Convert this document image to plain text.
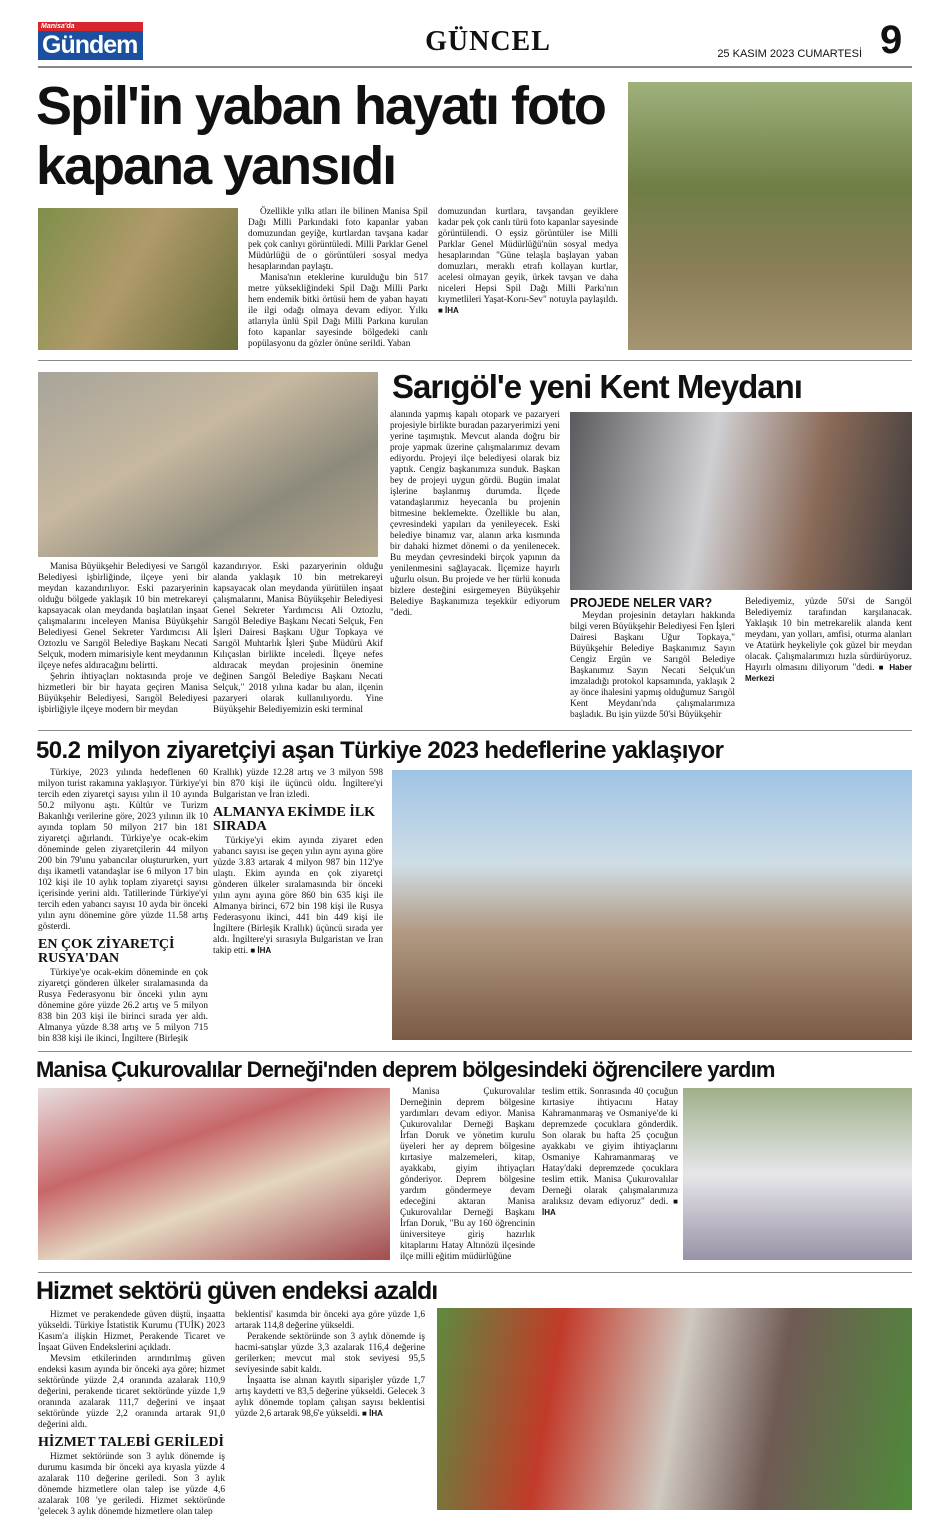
Manisa'da
Gündem	GÜNCEL	25 KASIM 2023 CUMARTESİ 9
Spil'in yaban hayatı foto kapana yansıdı

Özellikle yılkı atları ile bilinen Manisa Spil Dağı Milli Parkındaki foto kapanlar yaban domuzundan geyiğe, kurtlardan tavşana kadar pek çok canlıyı görüntüledi. Milli Parklar Genel Müdürlüğü de o görüntüleri sosyal medya hesaplarından paylaştı.

Manisa'nın eteklerine kurulduğu bin 517 metre yüksekliğindeki Spil Dağı Milli Parkı hem endemik bitki örtüsü hem de yaban hayatı ile ilgi odağı olmaya devam ediyor. Yılkı atlarıyla ünlü Spil Dağı Milli Parkına kurulan foto kapanlar sayesinde bölgedeki canlı popülasyonu da gözler önüne serildi. Yaban

domuzundan kurtlara, tavşandan geyiklere kadar pek çok canlı türü foto kapanlar sayesinde görüntülendi. O eşsiz görüntüler ise Milli Parklar Genel Müdürlüğü'nün sosyal medya hesaplarından "Güne telaşla başlayan yaban domuzları, meraklı etrafı kollayan kurtlar, acelesi olmayan geyik, ürkek tavşan ve daha niceleri Hepsi Spil Dağı Milli Parkı'nın kıymetlileri Yaşat-Koru-Sev" notuyla paylaşıldı. ■ İHA

Sarıgöl'e yeni Kent Meydanı

Manisa Büyükşehir Belediyesi ve Sarıgöl Belediyesi işbirliğinde, ilçeye yeni bir meydan kazandırılıyor. Eski pazaryerinin olduğu bölgede yaklaşık 10 bin metrekareyi kapsayacak olan meydanda başlatılan inşaat çalışmalarını inceleyen Manisa Büyükşehir Belediyesi Genel Sekreter Yardımcısı Ali Oztozlu ve Sarıgöl Belediye Başkanı Necati Selçuk, modern mimarisiyle kent meydanının ilçeye nefes aldıracağını belirtti.

Şehrin ihtiyaçları noktasında proje ve hizmetleri bir bir hayata geçiren Manisa Büyükşehir Belediyesi, Sarıgöl Belediyesi işbirliğiyle ilçeye modern bir meydan

kazandırıyor. Eski pazaryerinin olduğu alanda yaklaşık 10 bin metrekareyi kapsayacak olan meydanda yürütülen inşaat çalışmalarını, Manisa Büyükşehir Belediyesi Genel Sekreter Yardımcısı Ali Oztozlu, Sarıgöl Belediye Başkanı Necati Selçuk, Fen İşleri Dairesi Başkanı Uğur Topkaya ve Sarıgöl Muhtarlık İşleri Şube Müdürü Akif Kılıçaslan birlikte inceledi. İlçeye nefes aldıracak meydan projesinin önemine değinen Sarıgöl Belediye Başkanı Necati Selçuk," 2018 yılına kadar bu alan, ilçenin pazaryeri olarak kullanılıyordu. Yine Büyükşehir Belediyemizin eski terminal

alanında yapmış kapalı otopark ve pazaryeri projesiyle birlikte buradan pazaryerimizi yeni yerine taşımıştık. Mevcut alanda doğru bir proje yapmak üzerine çalışmalarımız devam ediyordu. Projeyi ilçe belediyesi olarak biz yaptık. Cengiz başkanımıza sunduk. Başkan bey de projeyi uygun gördü. Bugün imalat işlerine başlanmış durumda. İlçede vatandaşlarımız heyecanla bu projenin bitmesine beklemekte. Özellikle bu alan, çevresindeki yapıları da yenileyecek. Eski belediye binamız var, alanın arka kısmında bir dahaki hizmet dönemi o da yenilenecek. Bu meydan çevresindeki birçok yapının da yenilenmesini sağlayacak. İlçemize hayırlı uğurlu olsun. Bu projede ve her türlü konuda bizlere desteğini esirgemeyen Büyükşehir Belediye Başkanımıza teşekkür ediyorum "dedi.

PROJEDE NELER VAR?

Meydan projesinin detayları hakkında bilgi veren Büyükşehir Belediyesi Fen İşleri Dairesi Başkanı Uğur Topkaya," Büyükşehir Belediye Başkanımız Sayın Cengiz Ergün ve Sarıgöl Belediye Başkanımız Sayın Necati Selçuk'un imzaladığı protokol kapsamında, yaklaşık 2 ay önce ihalesini yapmış olduğumuz Sarıgöl Kent Meydanı'nda çalışmalarımıza başladık. Bu işin yüzde 50'si Büyükşehir

Belediyemiz, yüzde 50'si de Sarıgöl Belediyemiz tarafından karşılanacak. Yaklaşık 10 bin metrekarelik alanda kent meydanı, yan yolları, amfisi, oturma alanları ve Atatürk heykeliyle çok güzel bir meydan olacak. Çalışmalarımızı hızla sürdürüyoruz. Hayırlı olmasını diliyorum "dedi. ■ Haber Merkezi

50.2 milyon ziyaretçiyi aşan Türkiye 2023 hedeflerine yaklaşıyor

Türkiye, 2023 yılında hedeflenen 60 milyon turist rakamına yaklaşıyor. Türkiye'yi tercih eden ziyaretçi sayısı yılın il 10 ayında 50.2 milyonu aştı. Kültür ve Turizm Bakanlığı verilerine göre, 2023 yılının ilk 10 ayında toplam 50 milyon 217 bin 181 ziyaretçi ağırlandı. Türkiye'ye ocak-ekim döneminde gelen ziyaretçilerin 44 milyon 200 bin 79'unu yabancılar oluştururken, yurt dışı ikametli vatandaşlar ise 6 milyon 17 bin 102 kişi ile 10 aylık toplam ziyaretçi sayısı içerisinde yerini aldı. Tatillerinde Türkiye'yi tercih eden yabancı sayısı 10 ayda bir önceki yılın aynı dönemine göre yüzde 11.58 artış gösterdi.

EN ÇOK ZİYARETÇİ RUSYA'DAN

Türkiye'ye ocak-ekim döneminde en çok ziyaretçi gönderen ülkeler sıralamasında da Rusya Federasyonu bir önceki yılın aynı dönemine göre yüzde 26.2 artış ve 5 milyon 838 bin 203 kişi ile birinci sırada yer aldı. Almanya yüzde 8.38 artış ve 5 milyon 715 bin 838 kişi ile ikinci, İngiltere (Birleşik

Krallık) yüzde 12.28 artış ve 3 milyon 598 bin 870 kişi ile üçüncü oldu. İngiltere'yi Bulgaristan ve İran izledi.

ALMANYA EKİMDE İLK SIRADA

Türkiye'yi ekim ayında ziyaret eden yabancı sayısı ise geçen yılın aynı ayına göre yüzde 3.83 artarak 4 milyon 987 bin 112'ye ulaştı. Ekim ayında en çok ziyaretçi gönderen ülkeler sıralamasında bir önceki yılın aynı ayına göre 860 bin 635 kişi ile Almanya birinci, 672 bin 198 kişi ile Rusya Federasyonu ikinci, 441 bin 449 kişi ile İngiltere (Birleşik Krallık) üçüncü sırada yer aldı. İngiltere'yi sırasıyla Bulgaristan ve İran takip etti. ■ İHA

Manisa Çukurovalılar Derneği'nden deprem bölgesindeki öğrencilere yardım

Manisa Çukurovalılar Derneğinin deprem bölgesine yardımları devam ediyor. Manisa Çukurovalılar Derneği Başkanı İrfan Doruk ve yönetim kurulu üyeleri her ay deprem bölgesine kırtasiye malzemeleri, kitap, ayakkabı, giyim ihtiyaçları gönderiyor. Deprem bölgesine yardım göndermeye devam edeceğini aktaran Manisa Çukurovalılar Derneği Başkanı İrfan Doruk, "Bu ay 160 öğrencinin üniversiteye giriş hazırlık kitaplarını Hatay Altınözü ilçesinde ilçe milli eğitim müdürlüğüne

teslim ettik. Sonrasında 40 çocuğun kırtasiye ihtiyacını Hatay Kahramanmaraş ve Osmaniye'de ki depremzede çocuklara gönderdik. Son olarak bu hafta 25 çocuğun ayakkabı ve giyim ihtiyaçlarını Osmaniye Kahramanmaraş ve Hatay'daki depremzede çocuklara teslim ettik. Manisa Çukurovalılar Derneği olarak çalışmalarımıza aralıksız devam ediyoruz" dedi. ■ İHA

Hizmet sektörü güven endeksi azaldı

Hizmet ve perakendede güven düştü, inşaatta yükseldi. Türkiye İstatistik Kurumu (TUİK) 2023 Kasım'a ilişkin Hizmet, Perakende Ticaret ve İnşaat Güven Endekslerini açıkladı.

Mevsim etkilerinden arındırılmış güven endeksi kasım ayında bir önceki aya göre; hizmet sektöründe yüzde 2,4 oranında azalarak 110,9 değerini, perakende ticaret sektöründe yüzde 1,9 oranında azalarak 111,7 değerini ve inşaat sektöründe yüzde 2,2 oranında artarak 91,0 değerini aldı.

HİZMET TALEBİ GERİLEDİ

Hizmet sektöründe son 3 aylık dönemde iş durumu kasımda bir önceki aya kıyasla yüzde 4 azalarak 110 değerine geriledi. Son 3 aylık dönemde hizmetlere olan talep ise yüzde 4,6 azalarak 108 'ye geriledi. Hizmet sektöründe 'gelecek 3 aylık dönemde hizmetlere olan talep

beklentisi' kasımda bir önceki aya göre yüzde 1,6 artarak 114,8 değerine yükseldi.

Perakende sektöründe son 3 aylık dönemde iş hacmi-satışlar yüzde 3,3 azalarak 116,4 değerine gerilerken; mevcut mal stok seviyesi 95,5 seviyesinde sabit kaldı.

İnşaatta ise alınan kayıtlı siparişler yüzde 1,7 artış kaydetti ve 83,5 değerine yükseldi. Gelecek 3 aylık dönemde toplam çalışan sayısı beklentisi yüzde 2,6 artarak 98,6'e yükseldi. ■ İHA
